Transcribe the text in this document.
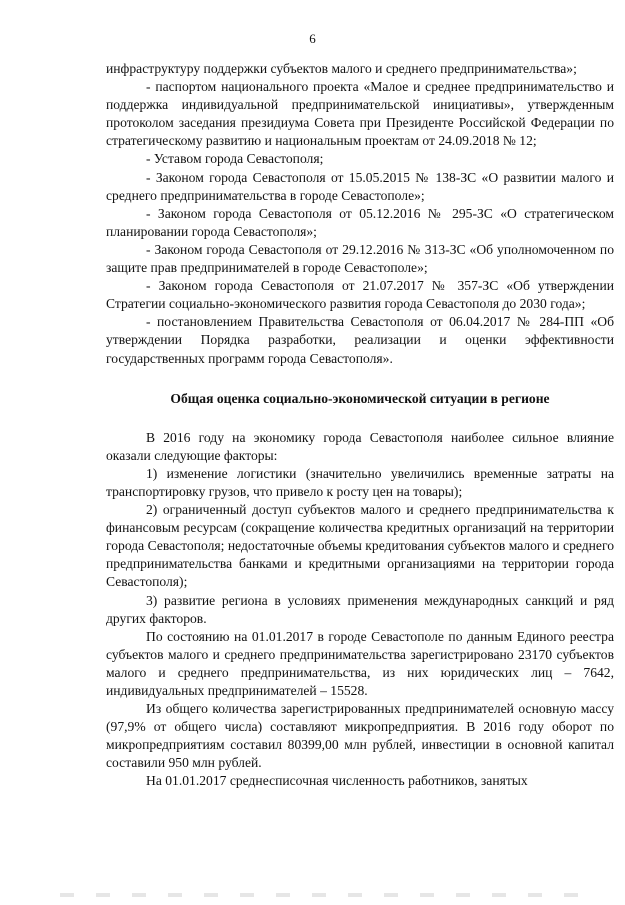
6

инфраструктуру поддержки субъектов малого и среднего предпринимательства»;

- паспортом национального проекта «Малое и среднее предпринимательство и поддержка индивидуальной предпринимательской инициативы», утвержденным протоколом заседания президиума Совета при Президенте Российской Федерации по стратегическому развитию и национальным проектам от 24.09.2018 № 12;

- Уставом города Севастополя;

- Законом города Севастополя от 15.05.2015 № 138-ЗС «О развитии малого и среднего предпринимательства в городе Севастополе»;

- Законом города Севастополя от 05.12.2016 № 295-ЗС «О стратегическом планировании города Севастополя»;

- Законом города Севастополя от 29.12.2016 № 313-ЗС «Об уполномоченном по защите прав предпринимателей в городе Севастополе»;

- Законом города Севастополя от 21.07.2017 № 357-ЗС «Об утверждении Стратегии социально-экономического развития города Севастополя до 2030 года»;

- постановлением Правительства Севастополя от 06.04.2017 № 284-ПП «Об утверждении Порядка разработки, реализации и оценки эффективности государственных программ города Севастополя».

Общая оценка социально-экономической ситуации в регионе

В 2016 году на экономику города Севастополя наиболее сильное влияние оказали следующие факторы:

1) изменение логистики (значительно увеличились временные затраты на транспортировку грузов, что привело к росту цен на товары);

2) ограниченный доступ субъектов малого и среднего предпринимательства к финансовым ресурсам (сокращение количества кредитных организаций на территории города Севастополя; недостаточные объемы кредитования субъектов малого и среднего предпринимательства банками и кредитными организациями на территории города Севастополя);

3) развитие региона в условиях применения международных санкций и ряд других факторов.

По состоянию на 01.01.2017 в городе Севастополе по данным Единого реестра субъектов малого и среднего предпринимательства зарегистрировано 23170 субъектов малого и среднего предпринимательства, из них юридических лиц – 7642, индивидуальных предпринимателей – 15528.

Из общего количества зарегистрированных предпринимателей основную массу (97,9% от общего числа) составляют микропредприятия. В 2016 году оборот по микропредприятиям составил 80399,00 млн рублей, инвестиции в основной капитал составили 950 млн рублей.

На 01.01.2017 среднесписочная численность работников, занятых
